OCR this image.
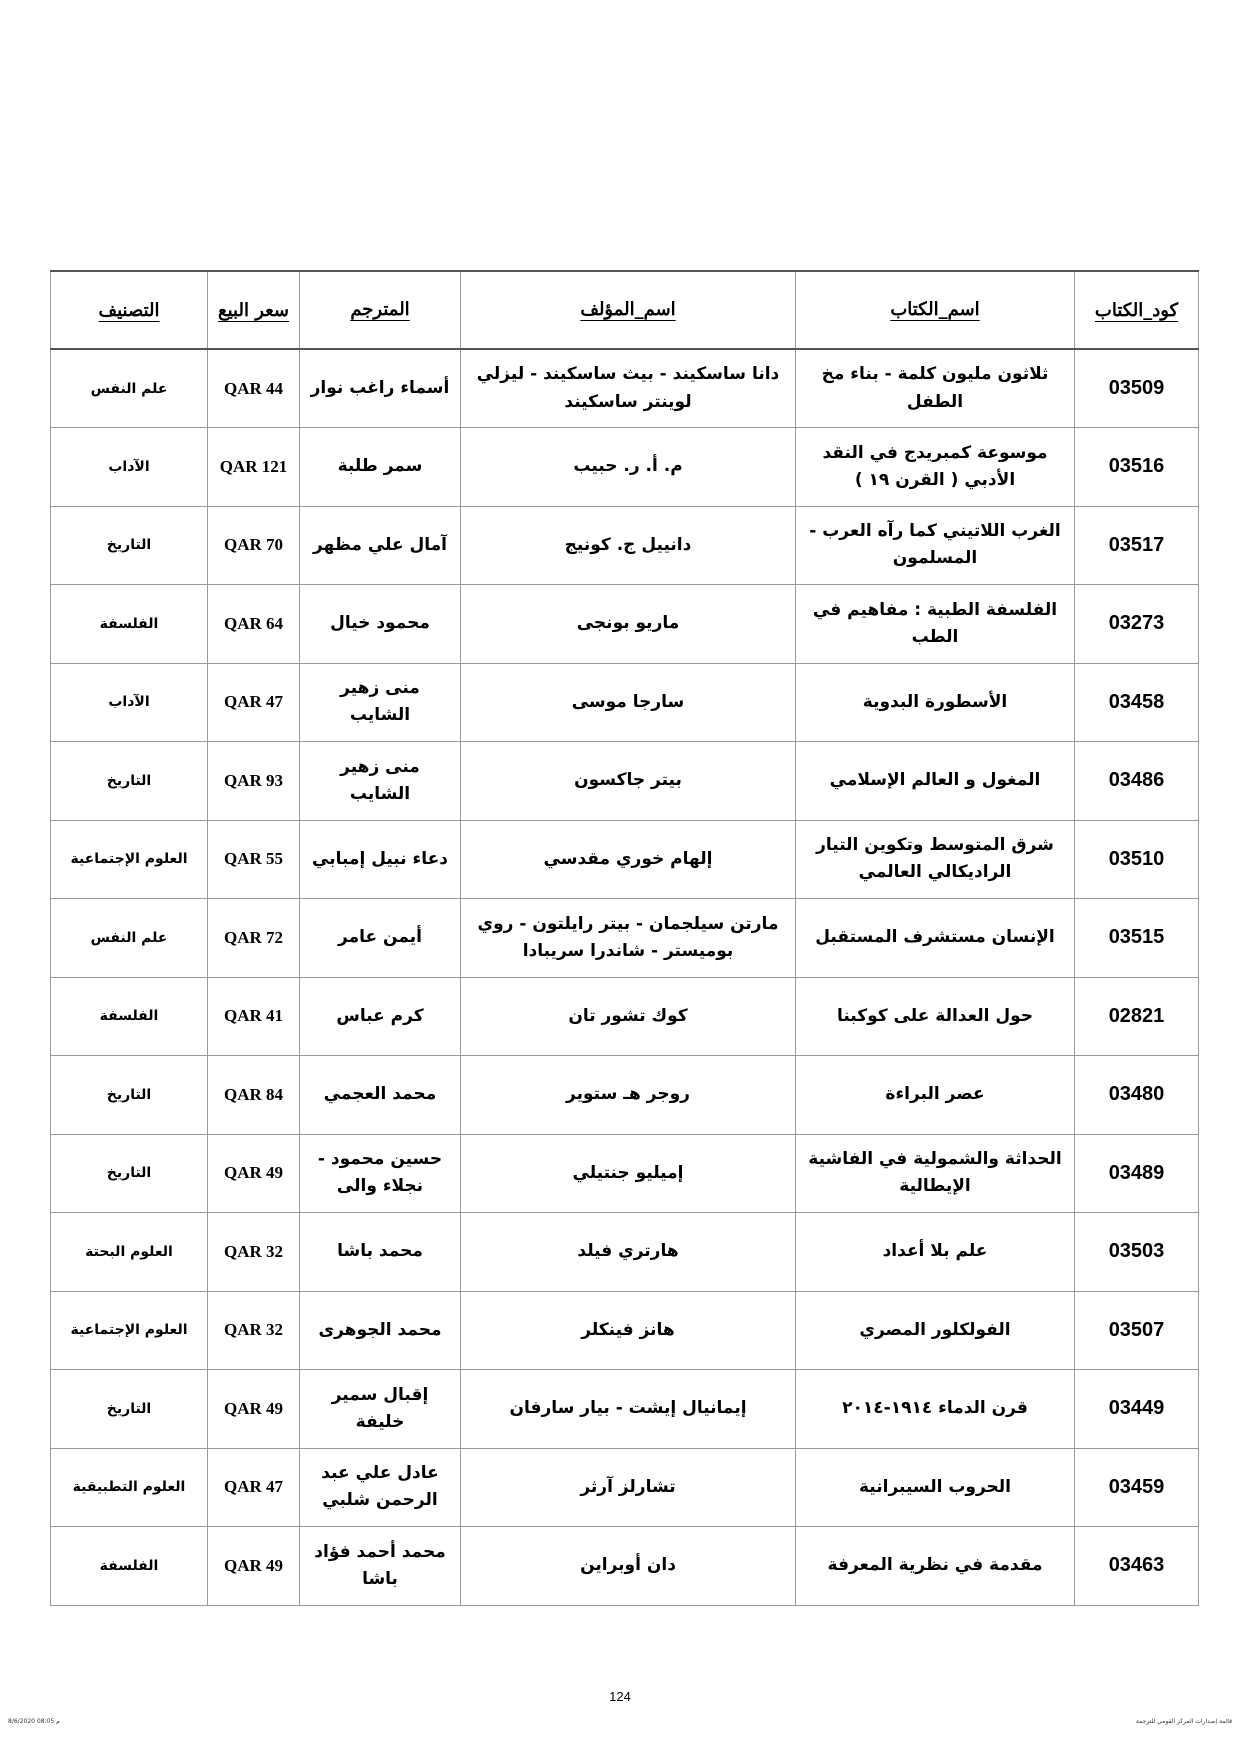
كود_الكتاب	اسم_الكتاب	اسم_المؤلف	المترجم	سعر البيع	التصنيف
03509	ثلاثون مليون كلمة - بناء مخ الطفل	دانا ساسكيند - بيث ساسكيند - ليزلي لوينتر ساسكيند	أسماء راغب نوار	QAR 44	علم النفس
03516	موسوعة كمبريدج في النقد الأدبي ( القرن ١٩ )	م. أ. ر. حبيب	سمر طلبة	QAR 121	الآداب
03517	الغرب اللاتيني كما رآه العرب - المسلمون	دانييل ج. كونيج	آمال علي مظهر	QAR 70	التاريخ
03273	الفلسفة الطبية : مفاهيم في الطب	ماريو بونجى	محمود خيال	QAR 64	الفلسفة
03458	الأسطورة البدوية	سارجا موسى	منى زهير الشايب	QAR 47	الآداب
03486	المغول و العالم الإسلامي	بيتر جاكسون	منى زهير الشايب	QAR 93	التاريخ
03510	شرق المتوسط وتكوين التيار الراديكالي العالمي	إلهام خوري مقدسي	دعاء نبيل إمبابي	QAR 55	العلوم الإجتماعية
03515	الإنسان مستشرف المستقبل	مارتن سيلجمان - بيتر رايلتون - روي بوميستر - شاندرا سريبادا	أيمن عامر	QAR 72	علم النفس
02821	حول العدالة على كوكبنا	كوك تشور تان	كرم عباس	QAR 41	الفلسفة
03480	عصر البراءة	روجر هـ ستوير	محمد العجمي	QAR 84	التاريخ
03489	الحداثة والشمولية في الفاشية الإيطالية	إميليو جنتيلي	حسين محمود - نجلاء والى	QAR 49	التاريخ
03503	علم بلا أعداد	هارتري فيلد	محمد باشا	QAR 32	العلوم البحتة
03507	الفولكلور المصري	هانز فينكلر	محمد الجوهرى	QAR 32	العلوم الإجتماعية
03449	قرن الدماء ١٩١٤-٢٠١٤	إيمانيال إيشت - بيار سارفان	إقبال سمير خليفة	QAR 49	التاريخ
03459	الحروب السيبرانية	تشارلز آرثر	عادل علي عبد الرحمن شلبي	QAR 47	العلوم التطبيقية
03463	مقدمة في نظرية المعرفة	دان أوبراين	محمد أحمد فؤاد باشا	QAR 49	الفلسفة
124
8/6/2020 08:05 م	قائمة إصدارات المركز القومي للترجمة
